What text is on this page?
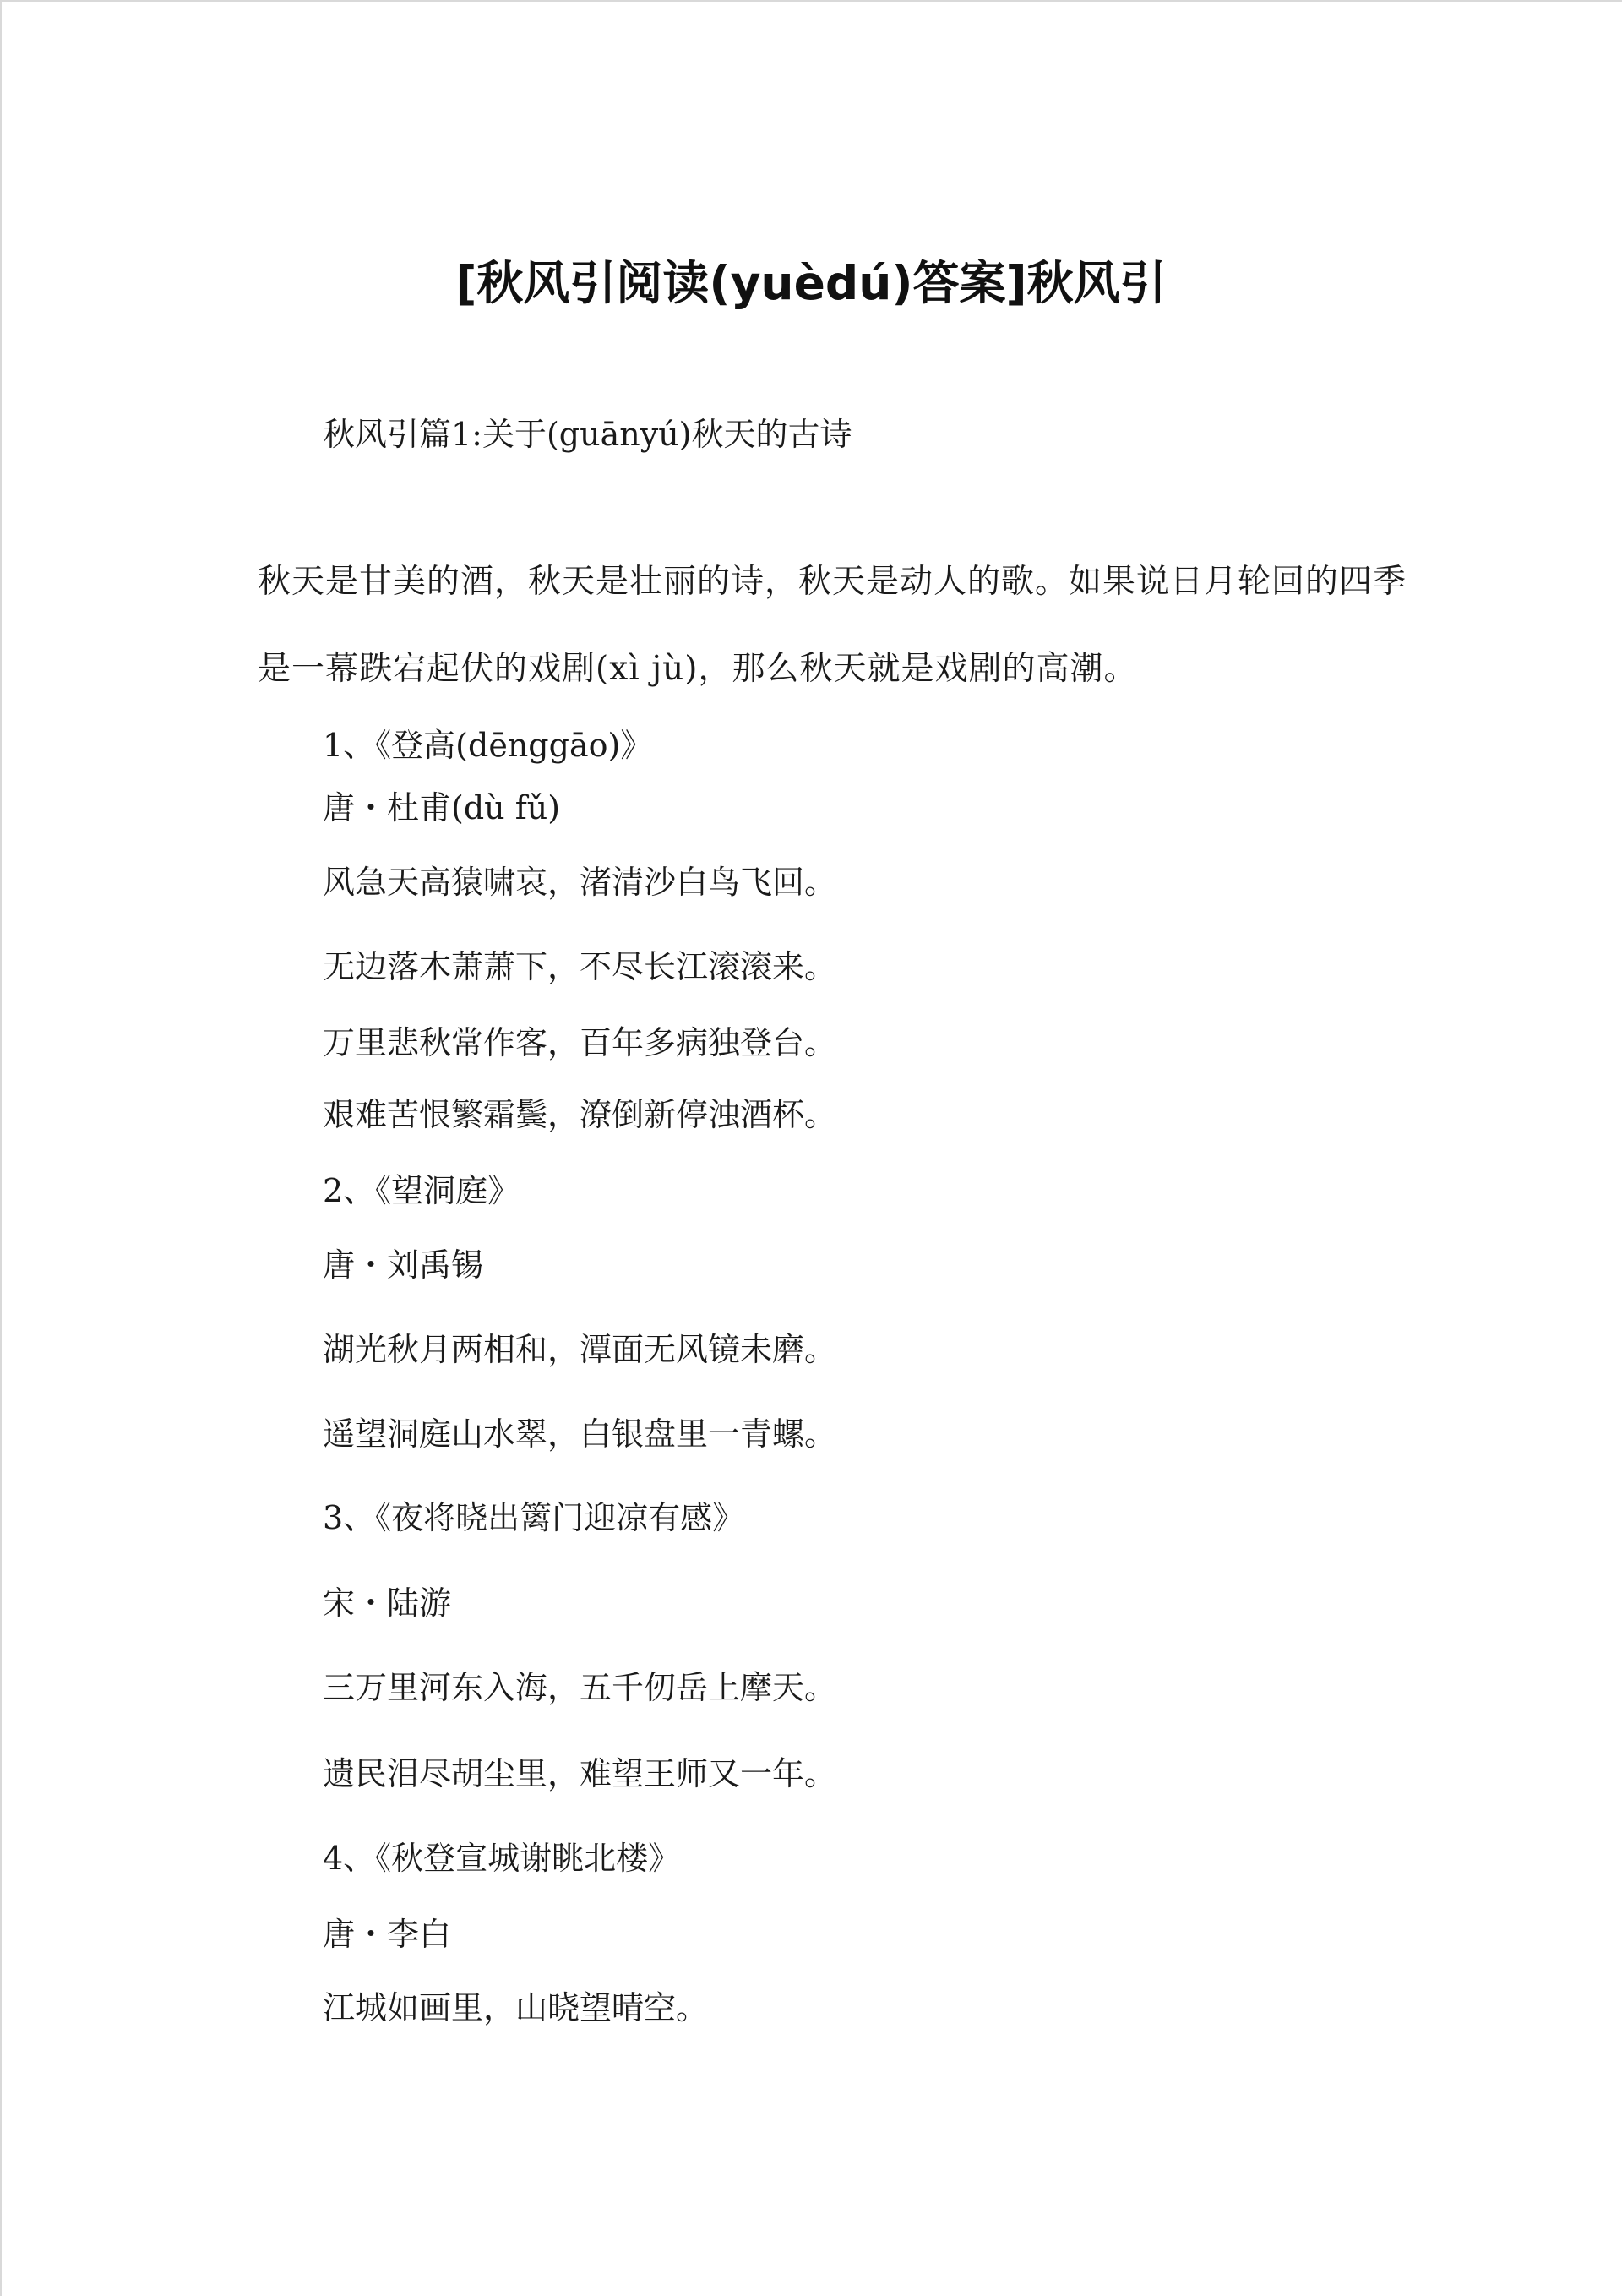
[秋风引阅读(yuèdú)答案]秋风引
秋风引篇1:关于(guānyú)秋天的古诗
秋天是甘美的酒，秋天是壮丽的诗，秋天是动人的歌。如果说日月轮回的四季
是一幕跌宕起伏的戏剧(xì jù)，那么秋天就是戏剧的高潮。
1、《登高(dēnggāo)》
唐・杜甫(dù fǔ)
风急天高猿啸哀，渚清沙白鸟飞回。
无边落木萧萧下，不尽长江滚滚来。
万里悲秋常作客，百年多病独登台。
艰难苦恨繁霜鬓，潦倒新停浊酒杯。
2、《望洞庭》
唐・刘禹锡
湖光秋月两相和，潭面无风镜未磨。
遥望洞庭山水翠，白银盘里一青螺。
3、《夜将晓出篱门迎凉有感》
宋・陆游
三万里河东入海，五千仞岳上摩天。
遗民泪尽胡尘里，难望王师又一年。
4、《秋登宣城谢眺北楼》
唐・李白
江城如画里，山晓望晴空。
